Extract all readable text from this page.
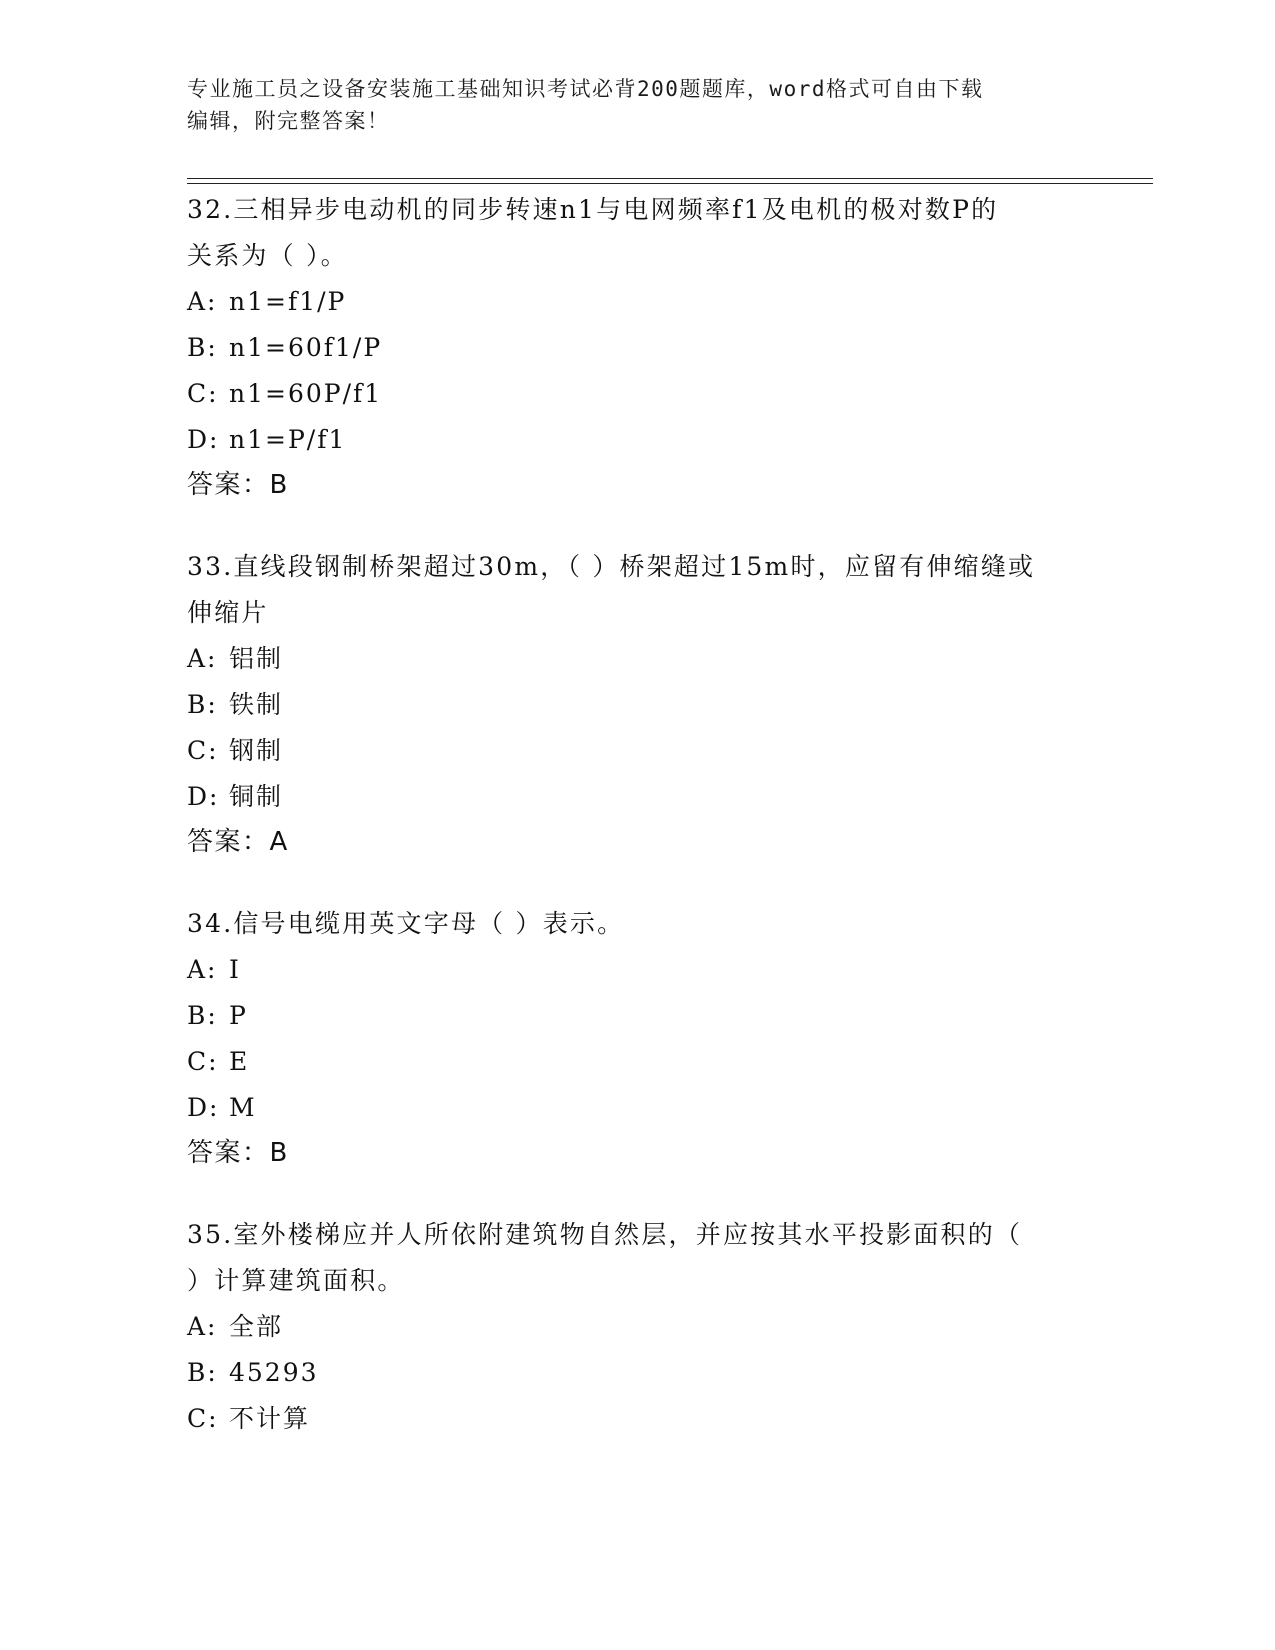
专业施工员之设备安装施工基础知识考试必背200题题库，word格式可自由下载
编辑，附完整答案！
32.三相异步电动机的同步转速n1与电网频率f1及电机的极对数P的
关系为（ ）。
A: n1=f1/P
B: n1=60f1/P
C: n1=60P/f1
D: n1=P/f1
答案：B
33.直线段钢制桥架超过30m，（ ）桥架超过15m时，应留有伸缩缝或
伸缩片
A: 铝制
B: 铁制
C: 钢制
D: 铜制
答案：A
34.信号电缆用英文字母（ ）表示。
A: I
B: P
C: E
D: M
答案：B
35.室外楼梯应并人所依附建筑物自然层，并应按其水平投影面积的（
）计算建筑面积。
A: 全部
B: 45293
C: 不计算
